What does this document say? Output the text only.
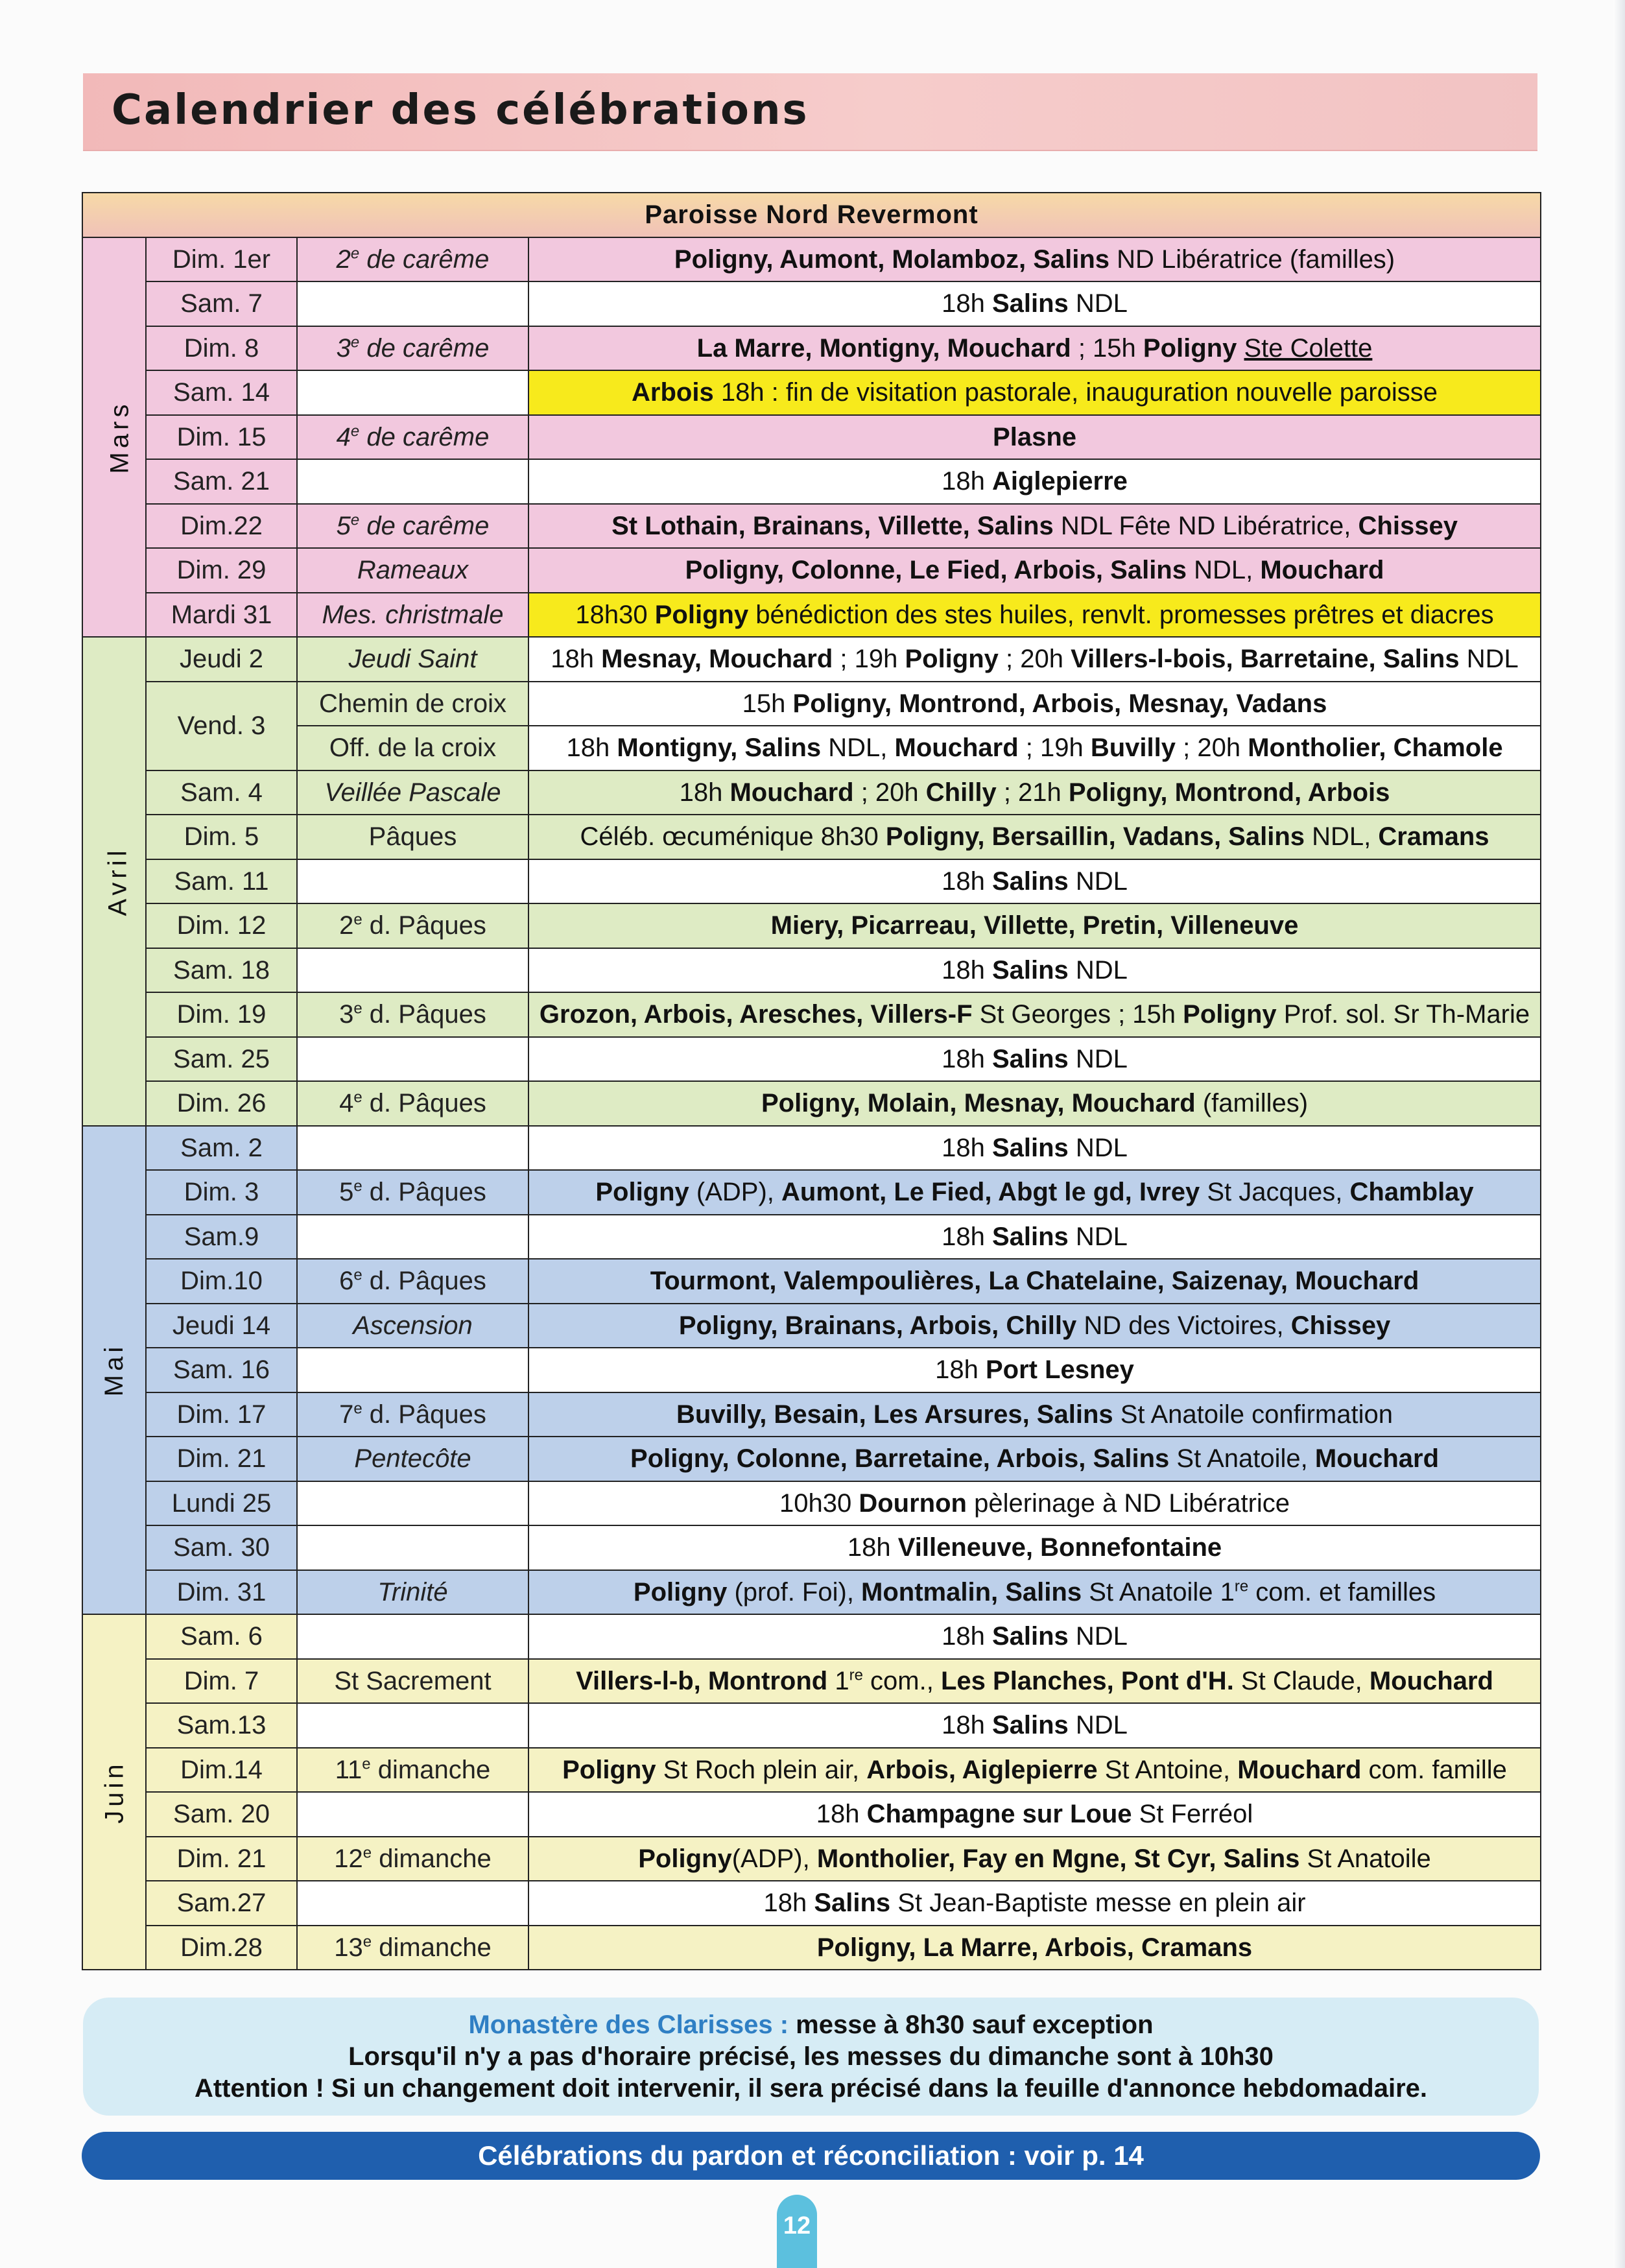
Calendrier des célébrations
Paroisse Nord Revermont			
Mars	Dim. 1er	2e de carême	Poligny, Aumont, Molamboz, Salins ND Libératrice (familles)
	Sam. 7		18h Salins NDL
	Dim. 8	3e de carême	La Marre, Montigny, Mouchard ; 15h Poligny Ste Colette
	Sam. 14		Arbois 18h : fin de visitation pastorale, inauguration nouvelle paroisse
	Dim. 15	4e de carême	Plasne
	Sam. 21		18h Aiglepierre
	Dim.22	5e de carême	St Lothain, Brainans, Villette, Salins NDL Fête ND Libératrice, Chissey
	Dim. 29	Rameaux	Poligny, Colonne, Le Fied, Arbois, Salins NDL, Mouchard
	Mardi 31	Mes. christmale	18h30 Poligny bénédiction des stes huiles, renvlt. promesses prêtres et diacres
Avril	Jeudi 2	Jeudi Saint	18h Mesnay, Mouchard ; 19h Poligny ; 20h Villers-l-bois, Barretaine, Salins NDL
	Vend. 3	Chemin de croix	15h Poligny, Montrond, Arbois, Mesnay, Vadans
		Off. de la croix	18h Montigny, Salins NDL, Mouchard ; 19h Buvilly ; 20h Montholier, Chamole
	Sam. 4	Veillée Pascale	18h Mouchard ; 20h Chilly ; 21h Poligny, Montrond, Arbois
	Dim. 5	Pâques	Céléb. œcuménique 8h30 Poligny, Bersaillin, Vadans, Salins NDL, Cramans
	Sam. 11		18h Salins NDL
	Dim. 12	2e d. Pâques	Miery, Picarreau, Villette, Pretin, Villeneuve
	Sam. 18		18h Salins NDL
	Dim. 19	3e d. Pâques	Grozon, Arbois, Aresches, Villers-F St Georges ; 15h Poligny Prof. sol. Sr Th-Marie
	Sam. 25		18h Salins NDL
	Dim. 26	4e d. Pâques	Poligny, Molain, Mesnay, Mouchard (familles)
Mai	Sam. 2		18h Salins NDL
	Dim. 3	5e d. Pâques	Poligny (ADP), Aumont, Le Fied, Abgt le gd, Ivrey St Jacques, Chamblay
	Sam.9		18h Salins NDL
	Dim.10	6e d. Pâques	Tourmont, Valempoulières, La Chatelaine, Saizenay, Mouchard
	Jeudi 14	Ascension	Poligny, Brainans, Arbois, Chilly ND des Victoires, Chissey
	Sam. 16		18h Port Lesney
	Dim. 17	7e d. Pâques	Buvilly, Besain, Les Arsures, Salins St Anatoile confirmation
	Dim. 21	Pentecôte	Poligny, Colonne, Barretaine, Arbois, Salins St Anatoile, Mouchard
	Lundi 25		10h30 Dournon pèlerinage à ND Libératrice
	Sam. 30		18h Villeneuve, Bonnefontaine
	Dim. 31	Trinité	Poligny (prof. Foi), Montmalin, Salins St Anatoile 1re com. et familles
Juin	Sam. 6		18h Salins NDL
	Dim. 7	St Sacrement	Villers-l-b, Montrond 1re com., Les Planches, Pont d'H. St Claude, Mouchard
	Sam.13		18h Salins NDL
	Dim.14	11e dimanche	Poligny St Roch plein air, Arbois, Aiglepierre St Antoine, Mouchard com. famille
	Sam. 20		18h Champagne sur Loue St Ferréol
	Dim. 21	12e dimanche	Poligny(ADP), Montholier, Fay en Mgne, St Cyr, Salins St Anatoile
	Sam.27		18h Salins St Jean-Baptiste messe en plein air
	Dim.28	13e dimanche	Poligny, La Marre, Arbois, Cramans
Monastère des Clarisses : messe à 8h30 sauf exception
Lorsqu'il n'y a pas d'horaire précisé, les messes du dimanche sont à 10h30
Attention ! Si un changement doit intervenir, il sera précisé dans la feuille d'annonce hebdomadaire.
Célébrations du pardon et réconciliation : voir p. 14
12
